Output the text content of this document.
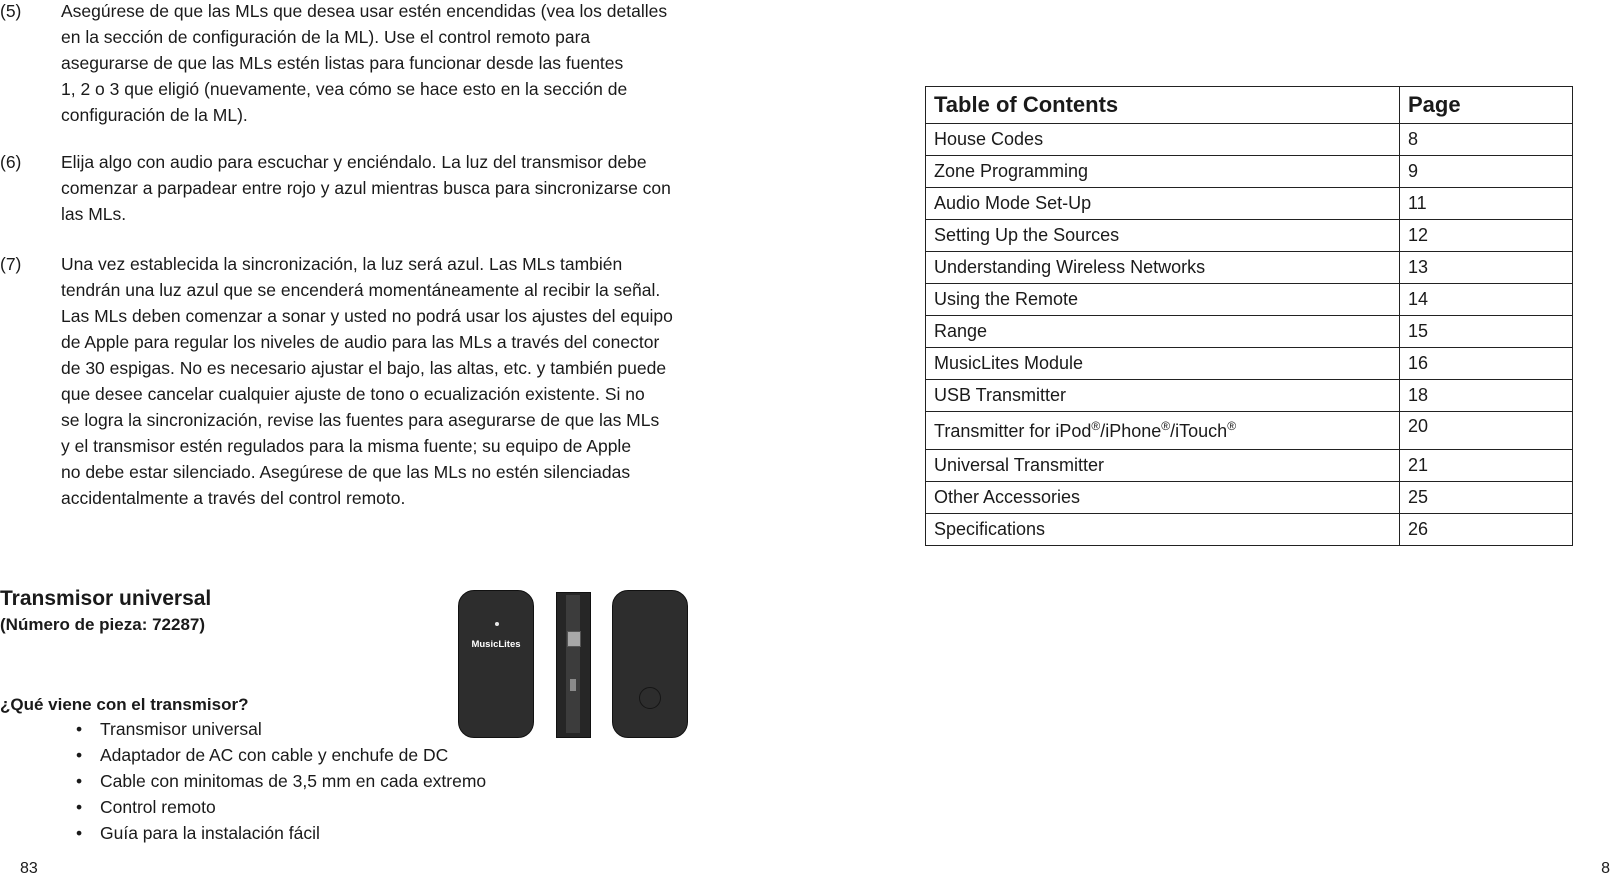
(5) Asegúrese de que las MLs que desea usar estén encendidas (vea los detalles
en la sección de configuración de la ML). Use el control remoto para
asegurarse de que las MLs estén listas para funcionar desde las fuentes
1, 2 o 3 que eligió (nuevamente, vea cómo se hace esto en la sección de
configuración de la ML).
(6) Elija algo con audio para escuchar y enciéndalo. La luz del transmisor debe
comenzar a parpadear entre rojo y azul mientras busca para sincronizarse con
las MLs.
(7) Una vez establecida la sincronización, la luz será azul. Las MLs también
tendrán una luz azul que se encenderá momentáneamente al recibir la señal.
Las MLs deben comenzar a sonar y usted no podrá usar los ajustes del equipo
de Apple para regular los niveles de audio para las MLs a través del conector
de 30 espigas. No es necesario ajustar el bajo, las altas, etc. y también puede
que desee cancelar cualquier ajuste de tono o ecualización existente. Si no
se logra la sincronización, revise las fuentes para asegurarse de que las MLs
y el transmisor estén regulados para la misma fuente; su equipo de Apple
no debe estar silenciado. Asegúrese de que las MLs no estén silenciadas
accidentalmente a través del control remoto.
Transmisor universal
(Número de pieza: 72287)
MusicLites
¿Qué viene con el transmisor?
• Transmisor universal
• Adaptador de AC con cable y enchufe de DC
• Cable con minitomas de 3,5 mm en cada extremo
• Control remoto
• Guía para la instalación fácil
83
Table of Contents	Page
House Codes	8
Zone Programming	9
Audio Mode Set-Up	11
Setting Up the Sources	12
Understanding Wireless Networks	13
Using the Remote	14
Range	15
MusicLites Module	16
USB Transmitter	18
Transmitter for iPod®/iPhone®/iTouch®	20
Universal Transmitter	21
Other Accessories	25
Specifications	26
8
